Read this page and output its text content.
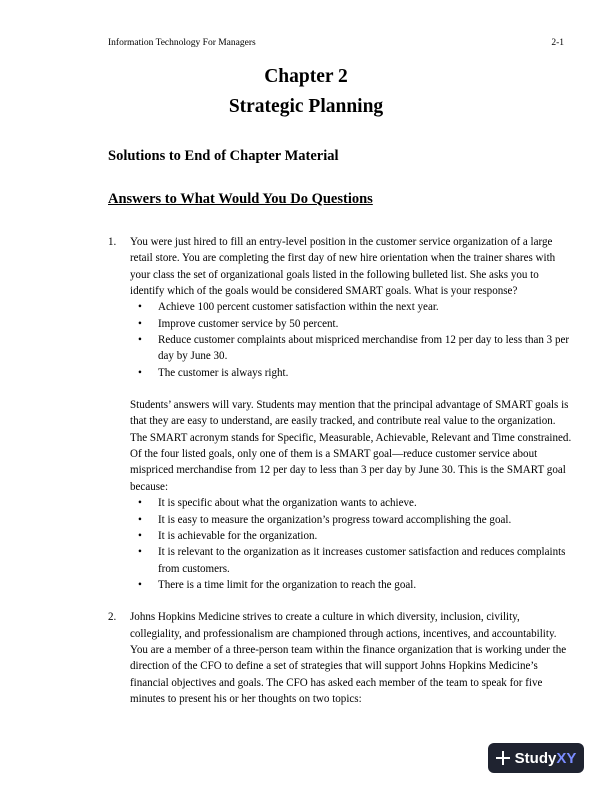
Information Technology For Managers	2-1
Chapter 2
Strategic Planning
Solutions to End of Chapter Material
Answers to What Would You Do Questions
1. You were just hired to fill an entry-level position in the customer service organization of a large retail store. You are completing the first day of new hire orientation when the trainer shares with your class the set of organizational goals listed in the following bulleted list. She asks you to identify which of the goals would be considered SMART goals. What is your response?
• Achieve 100 percent customer satisfaction within the next year.
• Improve customer service by 50 percent.
• Reduce customer complaints about mispriced merchandise from 12 per day to less than 3 per day by June 30.
• The customer is always right.
Students’ answers will vary. Students may mention that the principal advantage of SMART goals is that they are easy to understand, are easily tracked, and contribute real value to the organization. The SMART acronym stands for Specific, Measurable, Achievable, Relevant and Time constrained. Of the four listed goals, only one of them is a SMART goal—reduce customer service about mispriced merchandise from 12 per day to less than 3 per day by June 30. This is the SMART goal because:
• It is specific about what the organization wants to achieve.
• It is easy to measure the organization’s progress toward accomplishing the goal.
• It is achievable for the organization.
• It is relevant to the organization as it increases customer satisfaction and reduces complaints from customers.
• There is a time limit for the organization to reach the goal.
2. Johns Hopkins Medicine strives to create a culture in which diversity, inclusion, civility, collegiality, and professionalism are championed through actions, incentives, and accountability. You are a member of a three-person team within the finance organization that is working under the direction of the CFO to define a set of strategies that will support Johns Hopkins Medicine’s financial objectives and goals. The CFO has asked each member of the team to speak for five minutes to present his or her thoughts on two topics:
StudyXY
